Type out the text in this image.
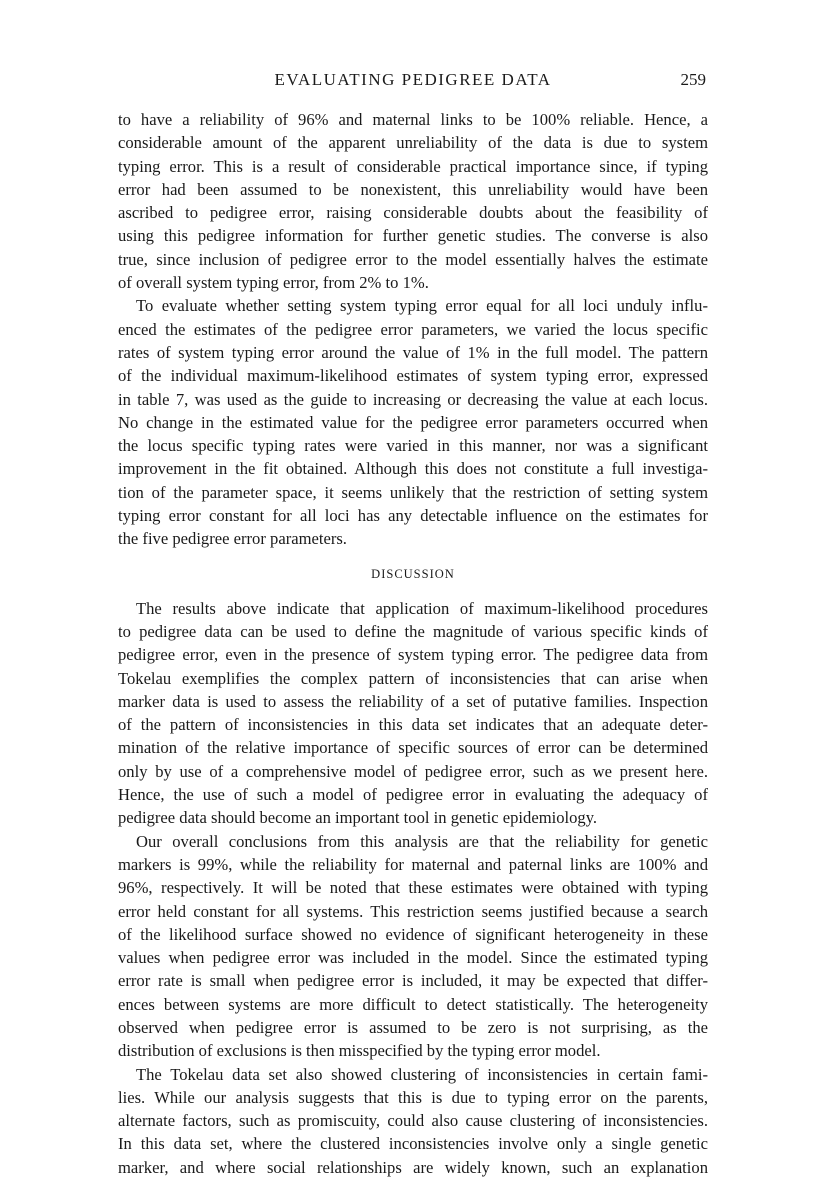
EVALUATING PEDIGREE DATA	259

to have a reliability of 96% and maternal links to be 100% reliable. Hence, a
considerable amount of the apparent unreliability of the data is due to system
typing error. This is a result of considerable practical importance since, if typing
error had been assumed to be nonexistent, this unreliability would have been
ascribed to pedigree error, raising considerable doubts about the feasibility of
using this pedigree information for further genetic studies. The converse is also
true, since inclusion of pedigree error to the model essentially halves the estimate
of overall system typing error, from 2% to 1%.

To evaluate whether setting system typing error equal for all loci unduly influ-
enced the estimates of the pedigree error parameters, we varied the locus specific
rates of system typing error around the value of 1% in the full model. The pattern
of the individual maximum-likelihood estimates of system typing error, expressed
in table 7, was used as the guide to increasing or decreasing the value at each locus.
No change in the estimated value for the pedigree error parameters occurred when
the locus specific typing rates were varied in this manner, nor was a significant
improvement in the fit obtained. Although this does not constitute a full investiga-
tion of the parameter space, it seems unlikely that the restriction of setting system
typing error constant for all loci has any detectable influence on the estimates for
the five pedigree error parameters.

DISCUSSION

The results above indicate that application of maximum-likelihood procedures
to pedigree data can be used to define the magnitude of various specific kinds of
pedigree error, even in the presence of system typing error. The pedigree data from
Tokelau exemplifies the complex pattern of inconsistencies that can arise when
marker data is used to assess the reliability of a set of putative families. Inspection
of the pattern of inconsistencies in this data set indicates that an adequate deter-
mination of the relative importance of specific sources of error can be determined
only by use of a comprehensive model of pedigree error, such as we present here.
Hence, the use of such a model of pedigree error in evaluating the adequacy of
pedigree data should become an important tool in genetic epidemiology.

Our overall conclusions from this analysis are that the reliability for genetic
markers is 99%, while the reliability for maternal and paternal links are 100% and
96%, respectively. It will be noted that these estimates were obtained with typing
error held constant for all systems. This restriction seems justified because a search
of the likelihood surface showed no evidence of significant heterogeneity in these
values when pedigree error was included in the model. Since the estimated typing
error rate is small when pedigree error is included, it may be expected that differ-
ences between systems are more difficult to detect statistically. The heterogeneity
observed when pedigree error is assumed to be zero is not surprising, as the
distribution of exclusions is then misspecified by the typing error model.

The Tokelau data set also showed clustering of inconsistencies in certain fami-
lies. While our analysis suggests that this is due to typing error on the parents,
alternate factors, such as promiscuity, could also cause clustering of inconsistencies.
In this data set, where the clustered inconsistencies involve only a single genetic
marker, and where social relationships are widely known, such an explanation
